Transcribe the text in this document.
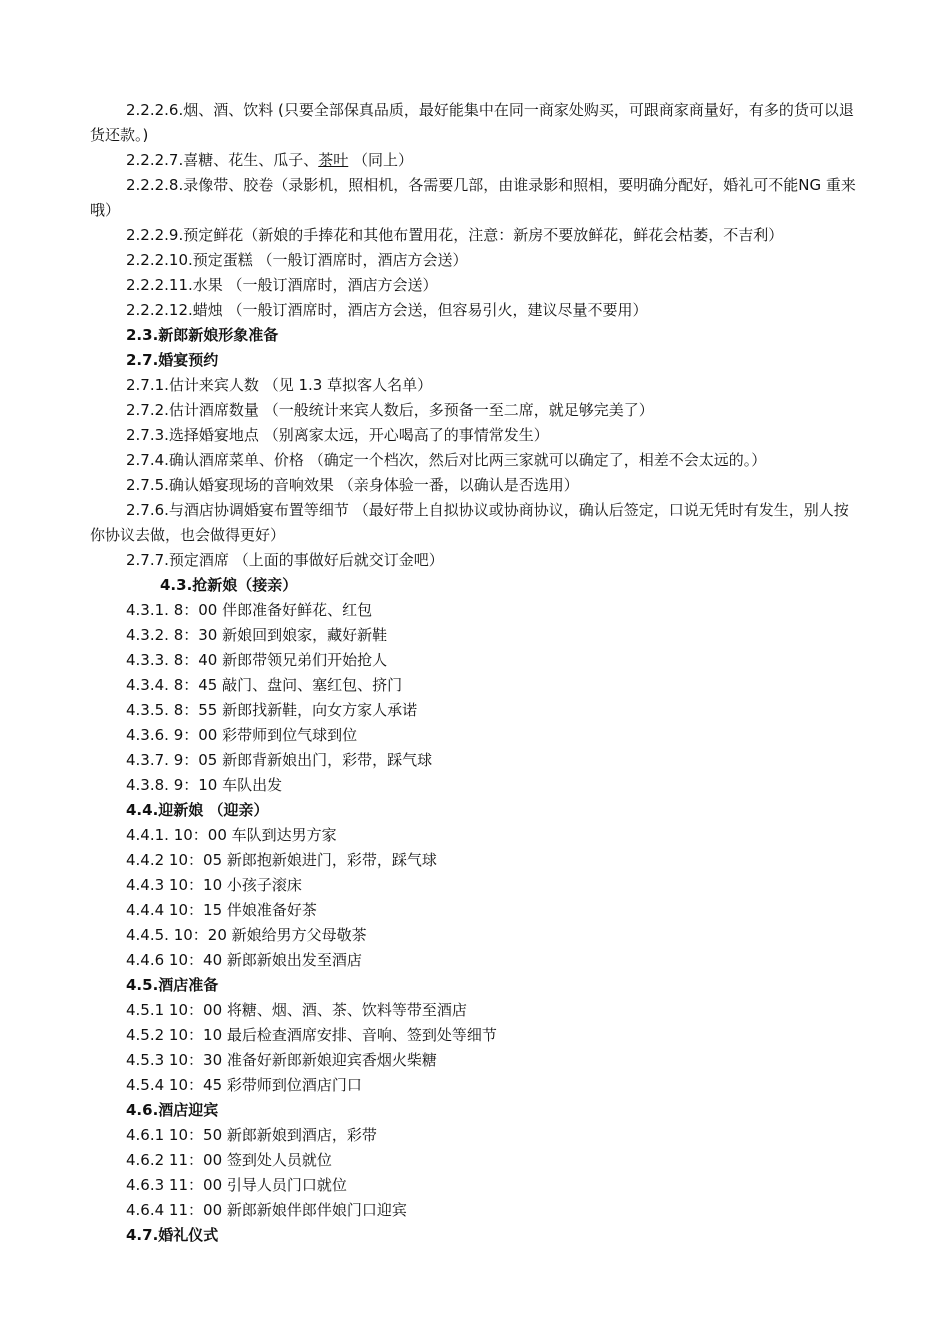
2.2.2.6.烟、酒、饮料 (只要全部保真品质，最好能集中在同一商家处购买，可跟商家商量好，有多的货可以退货还款。)
2.2.2.7.喜糖、花生、瓜子、茶叶 （同上）
2.2.2.8.录像带、胶卷（录影机，照相机，各需要几部，由谁录影和照相，要明确分配好，婚礼可不能NG 重来哦）
2.2.2.9.预定鲜花（新娘的手捧花和其他布置用花，注意：新房不要放鲜花，鲜花会枯萎，不吉利）
2.2.2.10.预定蛋糕 （一般订酒席时，酒店方会送）
2.2.2.11.水果 （一般订酒席时，酒店方会送）
2.2.2.12.蜡烛 （一般订酒席时，酒店方会送，但容易引火，建议尽量不要用）
2.3.新郎新娘形象准备
2.7.婚宴预约
2.7.1.估计来宾人数 （见 1.3 草拟客人名单）
2.7.2.估计酒席数量 （一般统计来宾人数后，多预备一至二席，就足够完美了）
2.7.3.选择婚宴地点 （别离家太远，开心喝高了的事情常发生）
2.7.4.确认酒席菜单、价格 （确定一个档次，然后对比两三家就可以确定了，相差不会太远的。）
2.7.5.确认婚宴现场的音响效果 （亲身体验一番，以确认是否选用）
2.7.6.与酒店协调婚宴布置等细节 （最好带上自拟协议或协商协议，确认后签定，口说无凭时有发生，别人按你协议去做，也会做得更好）
2.7.7.预定酒席 （上面的事做好后就交订金吧）
4.3.抢新娘（接亲）
4.3.1. 8：00 伴郎准备好鲜花、红包
4.3.2. 8：30 新娘回到娘家，藏好新鞋
4.3.3. 8：40 新郎带领兄弟们开始抢人
4.3.4. 8：45 敲门、盘问、塞红包、挤门
4.3.5. 8：55 新郎找新鞋，向女方家人承诺
4.3.6. 9：00 彩带师到位气球到位
4.3.7. 9：05 新郎背新娘出门，彩带，踩气球
4.3.8. 9：10 车队出发
4.4.迎新娘 （迎亲）
4.4.1. 10：00 车队到达男方家
4.4.2 10：05 新郎抱新娘进门，彩带，踩气球
4.4.3 10：10 小孩子滚床
4.4.4 10：15 伴娘准备好茶
4.4.5. 10：20 新娘给男方父母敬茶
4.4.6 10：40 新郎新娘出发至酒店
4.5.酒店准备
4.5.1 10：00 将糖、烟、酒、茶、饮料等带至酒店
4.5.2 10：10 最后检查酒席安排、音响、签到处等细节
4.5.3 10：30 准备好新郎新娘迎宾香烟火柴糖
4.5.4 10：45 彩带师到位酒店门口
4.6.酒店迎宾
4.6.1 10：50 新郎新娘到酒店，彩带
4.6.2 11：00 签到处人员就位
4.6.3 11：00 引导人员门口就位
4.6.4 11：00 新郎新娘伴郎伴娘门口迎宾
4.7.婚礼仪式
